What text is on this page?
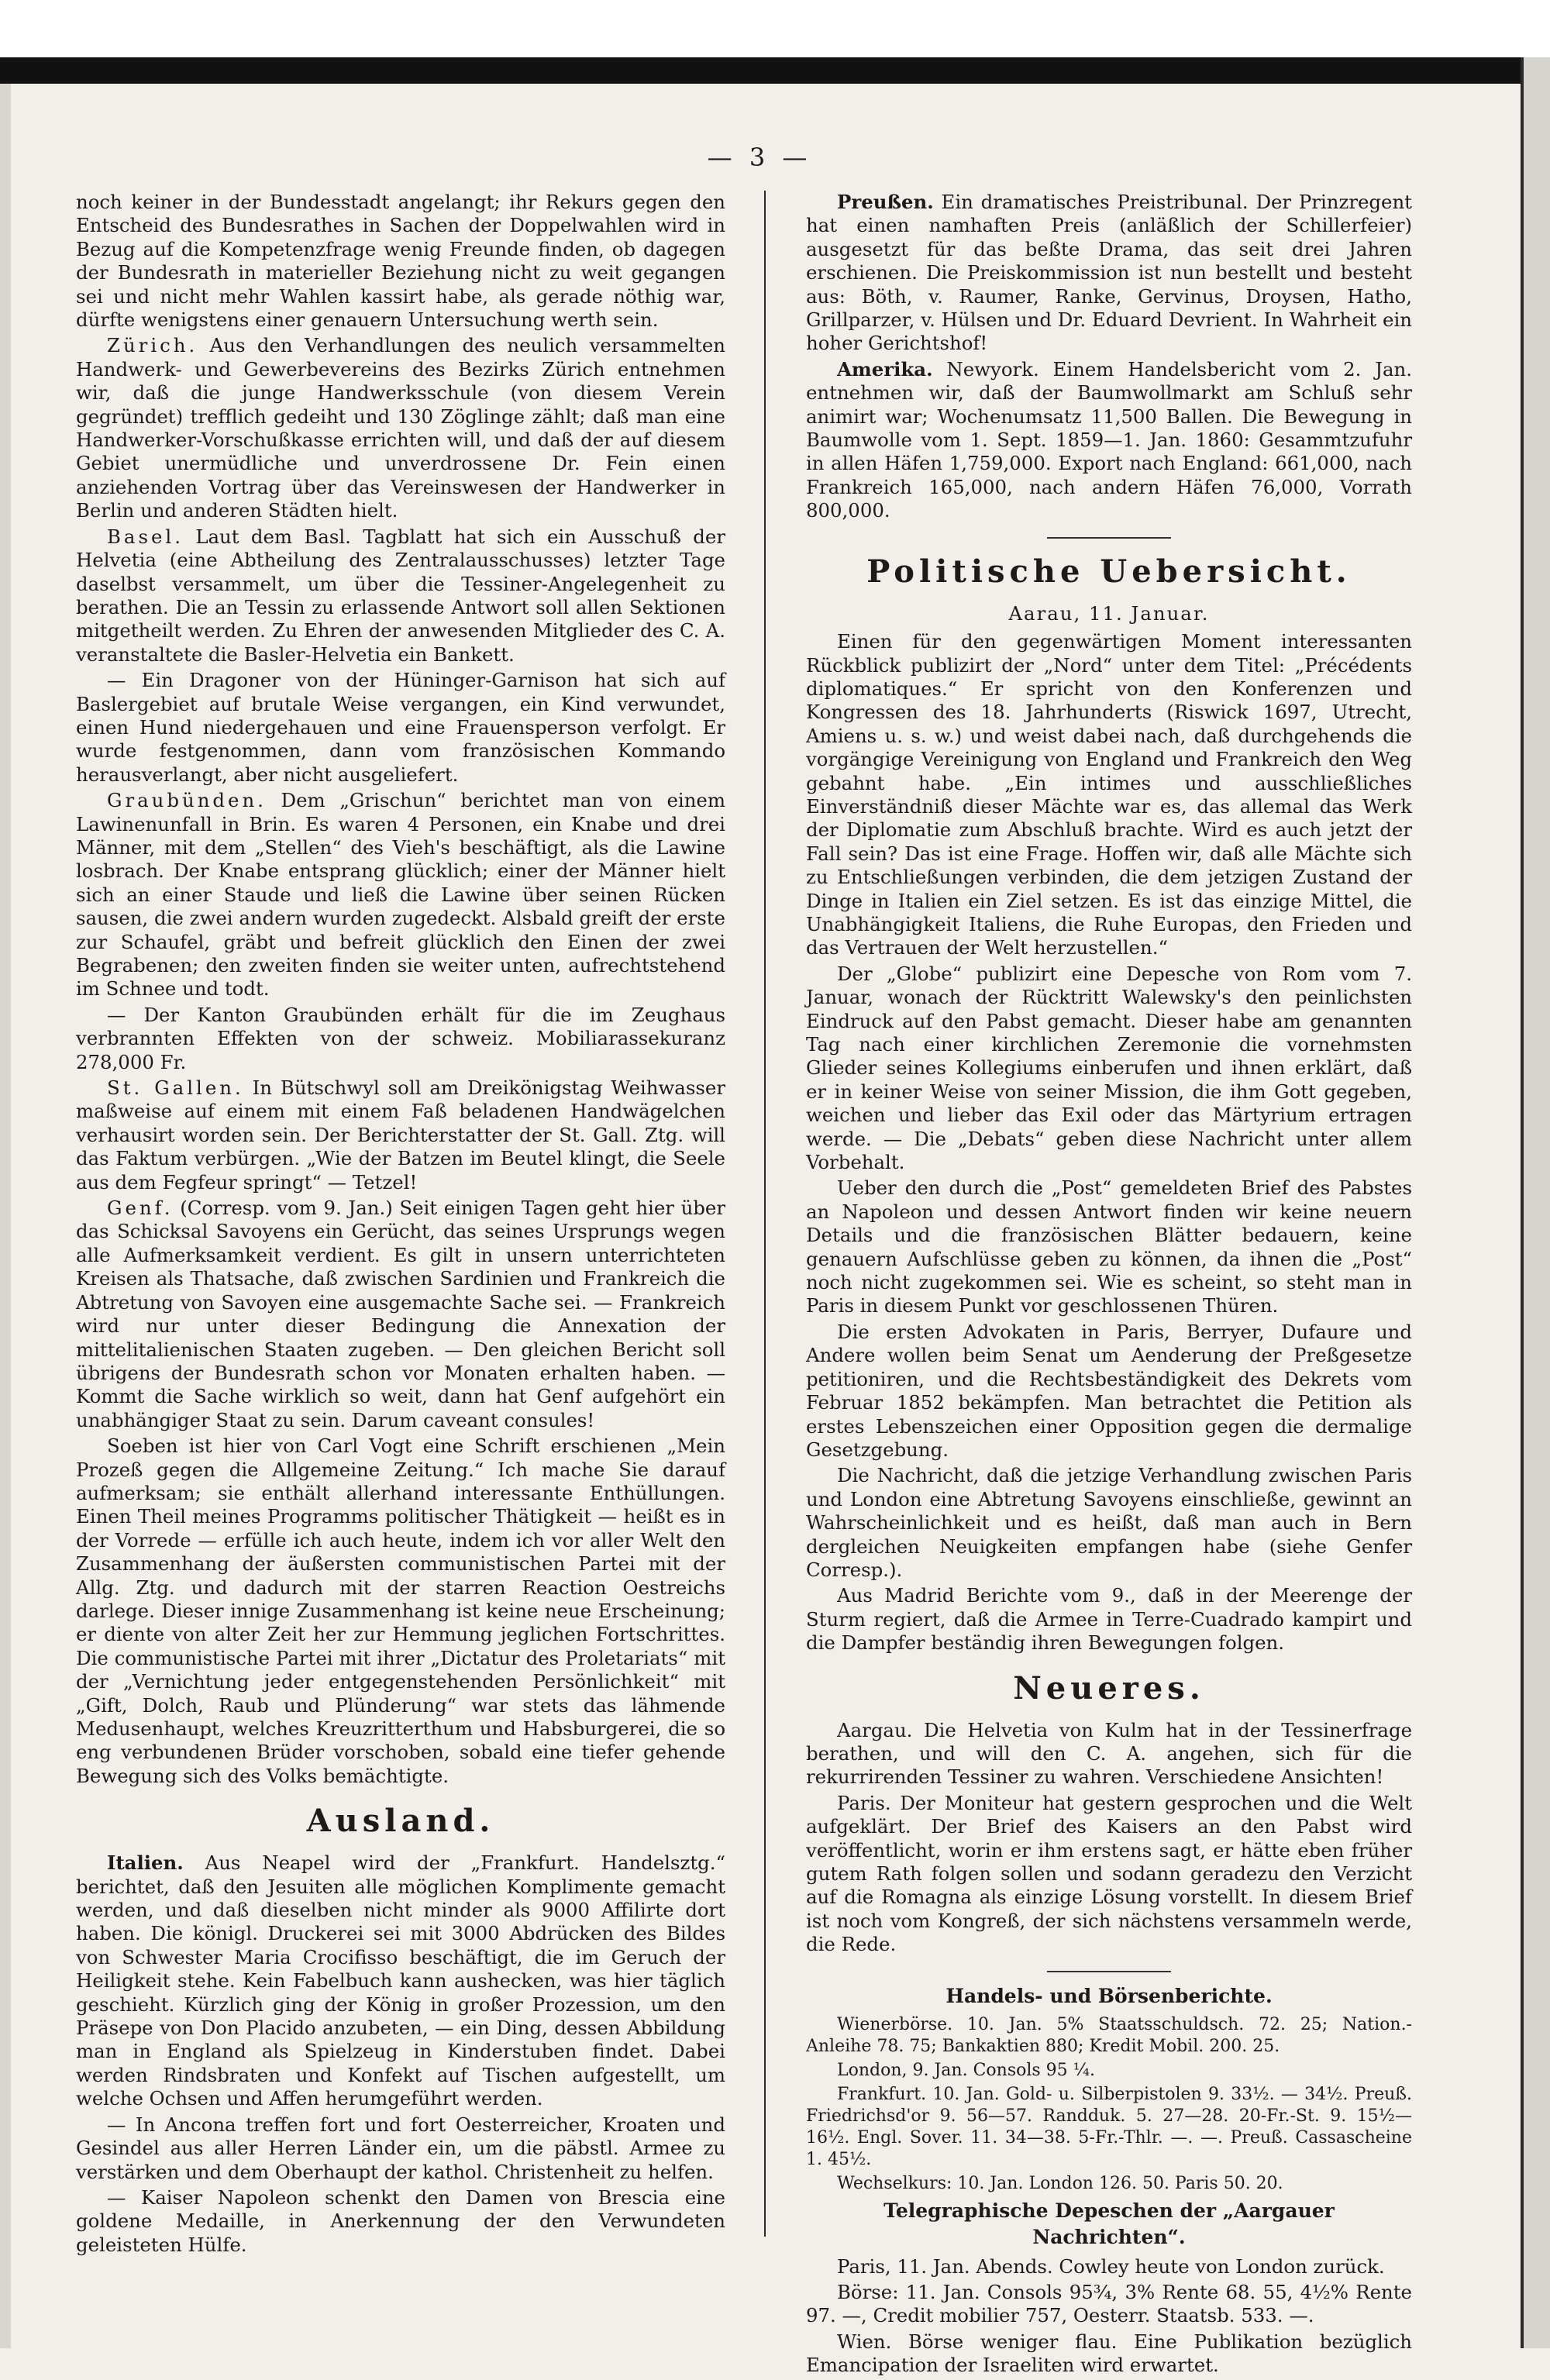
— 3 —

noch keiner in der Bundesstadt angelangt; ihr Rekurs gegen den Entscheid des Bundesrathes in Sachen der Doppelwahlen wird in Bezug auf die Kompetenzfrage wenig Freunde finden, ob dagegen der Bundesrath in materieller Beziehung nicht zu weit gegangen sei und nicht mehr Wahlen kassirt habe, als gerade nöthig war, dürfte wenigstens einer genauern Untersuchung werth sein.

Zürich. Aus den Verhandlungen des neulich versammelten Handwerk- und Gewerbevereins des Bezirks Zürich entnehmen wir, daß die junge Handwerksschule (von diesem Verein gegründet) trefflich gedeiht und 130 Zöglinge zählt; daß man eine Handwerker-Vorschußkasse errichten will, und daß der auf diesem Gebiet unermüdliche und unverdrossene Dr. Fein einen anziehenden Vortrag über das Vereinswesen der Handwerker in Berlin und anderen Städten hielt.

Basel. Laut dem Basl. Tagblatt hat sich ein Ausschuß der Helvetia (eine Abtheilung des Zentralausschusses) letzter Tage daselbst versammelt, um über die Tessiner-Angelegenheit zu berathen. Die an Tessin zu erlassende Antwort soll allen Sektionen mitgetheilt werden. Zu Ehren der anwesenden Mitglieder des C. A. veranstaltete die Basler-Helvetia ein Bankett.

— Ein Dragoner von der Hüninger-Garnison hat sich auf Baslergebiet auf brutale Weise vergangen, ein Kind verwundet, einen Hund niedergehauen und eine Frauensperson verfolgt. Er wurde festgenommen, dann vom französischen Kommando herausverlangt, aber nicht ausgeliefert.

Graubünden. Dem „Grischun“ berichtet man von einem Lawinenunfall in Brin. Es waren 4 Personen, ein Knabe und drei Männer, mit dem „Stellen“ des Vieh's beschäftigt, als die Lawine losbrach. Der Knabe entsprang glücklich; einer der Männer hielt sich an einer Staude und ließ die Lawine über seinen Rücken sausen, die zwei andern wurden zugedeckt. Alsbald greift der erste zur Schaufel, gräbt und befreit glücklich den Einen der zwei Begrabenen; den zweiten finden sie weiter unten, aufrechtstehend im Schnee und todt.

— Der Kanton Graubünden erhält für die im Zeughaus verbrannten Effekten von der schweiz. Mobiliarassekuranz 278,000 Fr.

St. Gallen. In Bütschwyl soll am Dreikönigstag Weihwasser maßweise auf einem mit einem Faß beladenen Handwägelchen verhausirt worden sein. Der Berichterstatter der St. Gall. Ztg. will das Faktum verbürgen. „Wie der Batzen im Beutel klingt, die Seele aus dem Fegfeur springt“ — Tetzel!

Genf. (Corresp. vom 9. Jan.) Seit einigen Tagen geht hier über das Schicksal Savoyens ein Gerücht, das seines Ursprungs wegen alle Aufmerksamkeit verdient. Es gilt in unsern unterrichteten Kreisen als Thatsache, daß zwischen Sardinien und Frankreich die Abtretung von Savoyen eine ausgemachte Sache sei. — Frankreich wird nur unter dieser Bedingung die Annexation der mittelitalienischen Staaten zugeben. — Den gleichen Bericht soll übrigens der Bundesrath schon vor Monaten erhalten haben. — Kommt die Sache wirklich so weit, dann hat Genf aufgehört ein unabhängiger Staat zu sein. Darum caveant consules!

Soeben ist hier von Carl Vogt eine Schrift erschienen „Mein Prozeß gegen die Allgemeine Zeitung.“ Ich mache Sie darauf aufmerksam; sie enthält allerhand interessante Enthüllungen. Einen Theil meines Programms politischer Thätigkeit — heißt es in der Vorrede — erfülle ich auch heute, indem ich vor aller Welt den Zusammenhang der äußersten communistischen Partei mit der Allg. Ztg. und dadurch mit der starren Reaction Oestreichs darlege. Dieser innige Zusammenhang ist keine neue Erscheinung; er diente von alter Zeit her zur Hemmung jeglichen Fortschrittes. Die communistische Partei mit ihrer „Dictatur des Proletariats“ mit der „Vernichtung jeder entgegenstehenden Persönlichkeit“ mit „Gift, Dolch, Raub und Plünderung“ war stets das lähmende Medusenhaupt, welches Kreuzritterthum und Habsburgerei, die so eng verbundenen Brüder vorschoben, sobald eine tiefer gehende Bewegung sich des Volks bemächtigte.

Ausland.

Italien. Aus Neapel wird der „Frankfurt. Handelsztg.“ berichtet, daß den Jesuiten alle möglichen Komplimente gemacht werden, und daß dieselben nicht minder als 9000 Affilirte dort haben. Die königl. Druckerei sei mit 3000 Abdrücken des Bildes von Schwester Maria Crocifisso beschäftigt, die im Geruch der Heiligkeit stehe. Kein Fabelbuch kann aushecken, was hier täglich geschieht. Kürzlich ging der König in großer Prozession, um den Präsepe von Don Placido anzubeten, — ein Ding, dessen Abbildung man in England als Spielzeug in Kinderstuben findet. Dabei werden Rindsbraten und Konfekt auf Tischen aufgestellt, um welche Ochsen und Affen herumgeführt werden.

— In Ancona treffen fort und fort Oesterreicher, Kroaten und Gesindel aus aller Herren Länder ein, um die päbstl. Armee zu verstärken und dem Oberhaupt der kathol. Christenheit zu helfen.

— Kaiser Napoleon schenkt den Damen von Brescia eine goldene Medaille, in Anerkennung der den Verwundeten geleisteten Hülfe.

Preußen. Ein dramatisches Preistribunal. Der Prinzregent hat einen namhaften Preis (anläßlich der Schillerfeier) ausgesetzt für das beßte Drama, das seit drei Jahren erschienen. Die Preiskommission ist nun bestellt und besteht aus: Böth, v. Raumer, Ranke, Gervinus, Droysen, Hatho, Grillparzer, v. Hülsen und Dr. Eduard Devrient. In Wahrheit ein hoher Gerichtshof!

Amerika. Newyork. Einem Handelsbericht vom 2. Jan. entnehmen wir, daß der Baumwollmarkt am Schluß sehr animirt war; Wochenumsatz 11,500 Ballen. Die Bewegung in Baumwolle vom 1. Sept. 1859—1. Jan. 1860: Gesammtzufuhr in allen Häfen 1,759,000. Export nach England: 661,000, nach Frankreich 165,000, nach andern Häfen 76,000, Vorrath 800,000.

Politische Uebersicht.
Aarau, 11. Januar.

Einen für den gegenwärtigen Moment interessanten Rückblick publizirt der „Nord“ unter dem Titel: „Précédents diplomatiques.“ Er spricht von den Konferenzen und Kongressen des 18. Jahrhunderts (Riswick 1697, Utrecht, Amiens u. s. w.) und weist dabei nach, daß durchgehends die vorgängige Vereinigung von England und Frankreich den Weg gebahnt habe. „Ein intimes und ausschließliches Einverständniß dieser Mächte war es, das allemal das Werk der Diplomatie zum Abschluß brachte. Wird es auch jetzt der Fall sein? Das ist eine Frage. Hoffen wir, daß alle Mächte sich zu Entschließungen verbinden, die dem jetzigen Zustand der Dinge in Italien ein Ziel setzen. Es ist das einzige Mittel, die Unabhängigkeit Italiens, die Ruhe Europas, den Frieden und das Vertrauen der Welt herzustellen.“

Der „Globe“ publizirt eine Depesche von Rom vom 7. Januar, wonach der Rücktritt Walewsky's den peinlichsten Eindruck auf den Pabst gemacht. Dieser habe am genannten Tag nach einer kirchlichen Zeremonie die vornehmsten Glieder seines Kollegiums einberufen und ihnen erklärt, daß er in keiner Weise von seiner Mission, die ihm Gott gegeben, weichen und lieber das Exil oder das Märtyrium ertragen werde. — Die „Debats“ geben diese Nachricht unter allem Vorbehalt.

Ueber den durch die „Post“ gemeldeten Brief des Pabstes an Napoleon und dessen Antwort finden wir keine neuern Details und die französischen Blätter bedauern, keine genauern Aufschlüsse geben zu können, da ihnen die „Post“ noch nicht zugekommen sei. Wie es scheint, so steht man in Paris in diesem Punkt vor geschlossenen Thüren.

Die ersten Advokaten in Paris, Berryer, Dufaure und Andere wollen beim Senat um Aenderung der Preßgesetze petitioniren, und die Rechtsbeständigkeit des Dekrets vom Februar 1852 bekämpfen. Man betrachtet die Petition als erstes Lebenszeichen einer Opposition gegen die dermalige Gesetzgebung.

Die Nachricht, daß die jetzige Verhandlung zwischen Paris und London eine Abtretung Savoyens einschließe, gewinnt an Wahrscheinlichkeit und es heißt, daß man auch in Bern dergleichen Neuigkeiten empfangen habe (siehe Genfer Corresp.).

Aus Madrid Berichte vom 9., daß in der Meerenge der Sturm regiert, daß die Armee in Terre-Cuadrado kampirt und die Dampfer beständig ihren Bewegungen folgen.

Neueres.

Aargau. Die Helvetia von Kulm hat in der Tessinerfrage berathen, und will den C. A. angehen, sich für die rekurrirenden Tessiner zu wahren. Verschiedene Ansichten!

Paris. Der Moniteur hat gestern gesprochen und die Welt aufgeklärt. Der Brief des Kaisers an den Pabst wird veröffentlicht, worin er ihm erstens sagt, er hätte eben früher gutem Rath folgen sollen und sodann geradezu den Verzicht auf die Romagna als einzige Lösung vorstellt. In diesem Brief ist noch vom Kongreß, der sich nächstens versammeln werde, die Rede.

Handels- und Börsenberichte.

Wienerbörse. 10. Jan. 5% Staatsschuldsch. 72. 25; Nation.-Anleihe 78. 75; Bankaktien 880; Kredit Mobil. 200. 25.

London, 9. Jan. Consols 95 ¼.

Frankfurt. 10. Jan. Gold- u. Silberpistolen 9. 33½. — 34½. Preuß. Friedrichsd'or 9. 56—57. Randduk. 5. 27—28. 20-Fr.-St. 9. 15½—16½. Engl. Sover. 11. 34—38. 5-Fr.-Thlr. —. —. Preuß. Cassascheine 1. 45½.

Wechselkurs: 10. Jan. London 126. 50. Paris 50. 20.

Telegraphische Depeschen der „Aargauer Nachrichten“.

Paris, 11. Jan. Abends. Cowley heute von London zurück.

Börse: 11. Jan. Consols 95¾, 3% Rente 68. 55, 4½% Rente 97. —, Credit mobilier 757, Oesterr. Staatsb. 533. —.

Wien. Börse weniger flau. Eine Publikation bezüglich Emancipation der Israeliten wird erwartet.
